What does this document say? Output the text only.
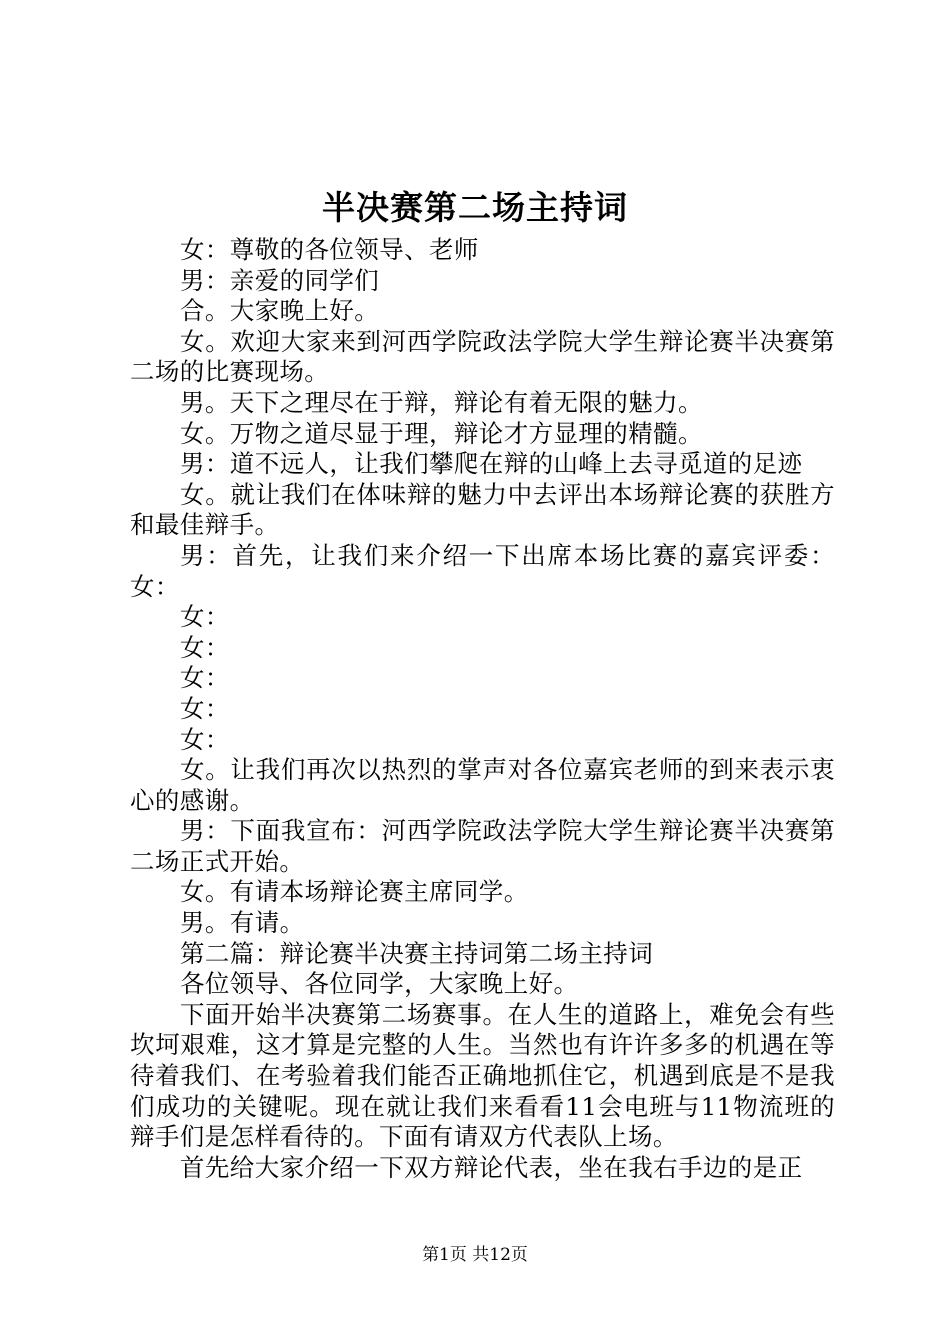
半决赛第二场主持词

女：尊敬的各位领导、老师

男：亲爱的同学们

合。大家晚上好。

女。欢迎大家来到河西学院政法学院大学生辩论赛半决赛第二场的比赛现场。

男。天下之理尽在于辩，辩论有着无限的魅力。

女。万物之道尽显于理，辩论才方显理的精髓。

男：道不远人，让我们攀爬在辩的山峰上去寻觅道的足迹

女。就让我们在体味辩的魅力中去评出本场辩论赛的获胜方和最佳辩手。

男：首先，让我们来介绍一下出席本场比赛的嘉宾评委：女：

女：

女：

女：

女：

女：

女。让我们再次以热烈的掌声对各位嘉宾老师的到来表示衷心的感谢。

男：下面我宣布：河西学院政法学院大学生辩论赛半决赛第二场正式开始。

女。有请本场辩论赛主席同学。

男。有请。

第二篇：辩论赛半决赛主持词第二场主持词

各位领导、各位同学，大家晚上好。

下面开始半决赛第二场赛事。在人生的道路上，难免会有些坎坷艰难，这才算是完整的人生。当然也有许许多多的机遇在等待着我们、在考验着我们能否正确地抓住它，机遇到底是不是我们成功的关键呢。现在就让我们来看看11会电班与11物流班的辩手们是怎样看待的。下面有请双方代表队上场。

首先给大家介绍一下双方辩论代表，坐在我右手边的是正

第1页 共12页
